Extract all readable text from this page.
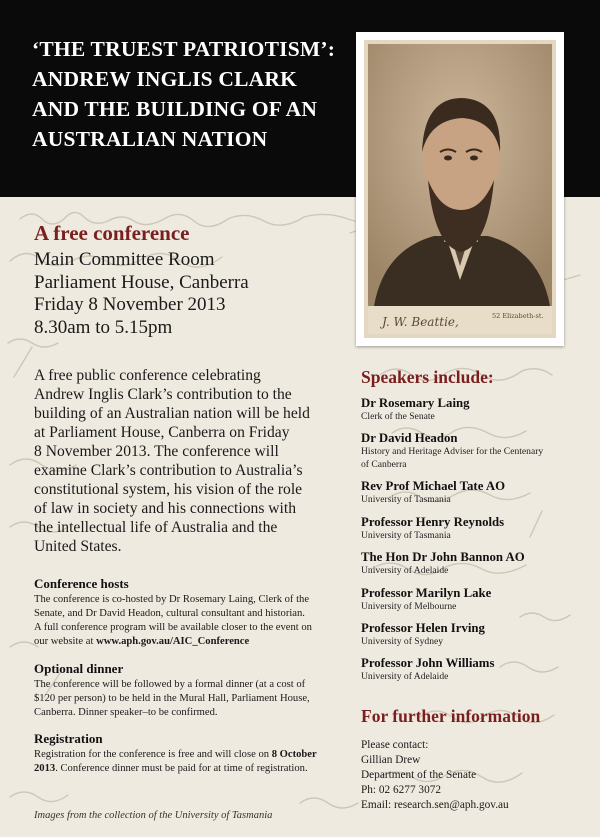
‘THE TRUEST PATRIOTISM’:
ANDREW INGLIS CLARK
AND THE BUILDING OF AN
AUSTRALIAN NATION
J. W. Beattie,	52 Elizabeth-st.
A free conference
Main Committee Room
Parliament House, Canberra
Friday 8 November 2013
8.30am to 5.15pm
A free public conference celebrating
Andrew Inglis Clark’s contribution to the
building of an Australian nation will be held
at Parliament House, Canberra on Friday
8 November 2013. The conference will
examine Clark’s contribution to Australia’s
constitutional system, his vision of the role
of law in society and his connections with
the intellectual life of Australia and the
United States.
Conference hosts
The conference is co-hosted by Dr Rosemary Laing, Clerk of the
Senate, and Dr David Headon, cultural consultant and historian.
A full conference program will be available closer to the event on
our website at www.aph.gov.au/AIC_Conference
Optional dinner
The conference will be followed by a formal dinner (at a cost of
$120 per person) to be held in the Mural Hall, Parliament House,
Canberra. Dinner speaker–to be confirmed.
Registration
Registration for the conference is free and will close on 8 October
2013. Conference dinner must be paid for at time of registration.
Images from the collection of the University of Tasmania
Speakers include:
Dr Rosemary Laing
Clerk of the Senate
Dr David Headon
History and Heritage Adviser for the Centenary
of Canberra
Rev Prof Michael Tate AO
University of Tasmania
Professor Henry Reynolds
University of Tasmania
The Hon Dr John Bannon AO
University of Adelaide
Professor Marilyn Lake
University of Melbourne
Professor Helen Irving
University of Sydney
Professor John Williams
University of Adelaide
For further information
Please contact:
Gillian Drew
Department of the Senate
Ph: 02 6277 3072
Email: research.sen@aph.gov.au
